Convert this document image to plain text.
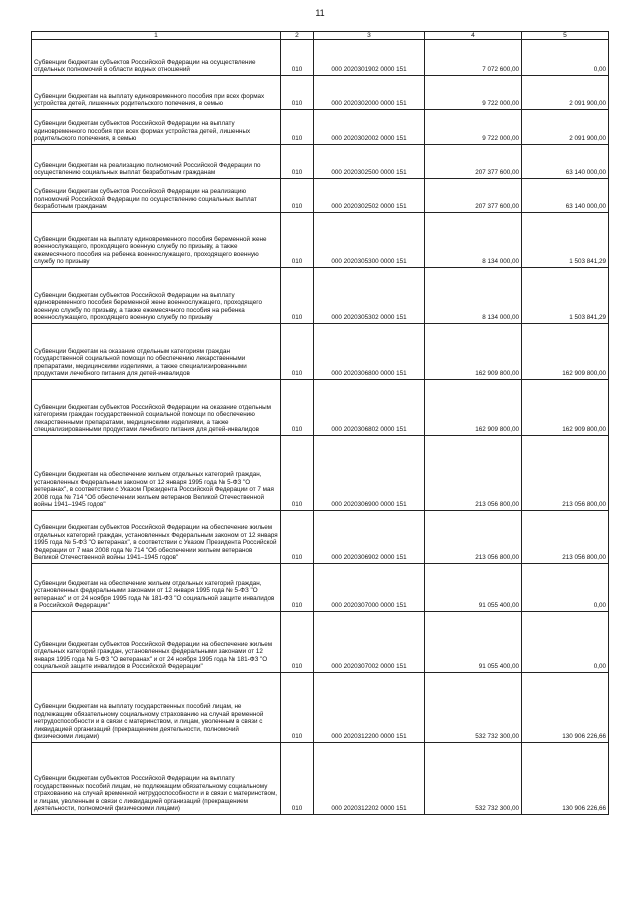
11
1	2	3	4	5
Субвенции бюджетам субъектов Российской Федерации на осуществление отдельных полномочий в области водных отношений	010	000 2020301902 0000 151	7 072 600,00	0,00
Субвенции бюджетам на выплату единовременного пособия при всех формах устройства детей, лишенных родительского попечения, в семью	010	000 2020302000 0000 151	9 722 000,00	2 091 900,00
Субвенции бюджетам субъектов Российской Федерации на выплату единовременного пособия при всех формах устройства детей, лишенных родительского попечения, в семью	010	000 2020302002 0000 151	9 722 000,00	2 091 900,00
Субвенции бюджетам на реализацию полномочий Российской Федерации по осуществлению социальных выплат безработным гражданам	010	000 2020302500 0000 151	207 377 600,00	63 140 000,00
Субвенции бюджетам субъектов Российской Федерации на реализацию полномочий Российской Федерации по осуществлению социальных выплат безработным гражданам	010	000 2020302502 0000 151	207 377 600,00	63 140 000,00
Субвенции бюджетам на выплату единовременного пособия беременной жене военнослужащего, проходящего военную службу по призыву, а также ежемесячного пособия на ребенка военнослужащего, проходящего военную службу по призыву	010	000 2020305300 0000 151	8 134 000,00	1 503 841,29
Субвенции бюджетам субъектов Российской Федерации на выплату единовременного пособия беременной жене военнослужащего, проходящего военную службу по призыву, а также ежемесячного пособия на ребенка военнослужащего, проходящего военную службу по призыву	010	000 2020305302 0000 151	8 134 000,00	1 503 841,29
Субвенции бюджетам на оказание отдельным категориям граждан государственной социальной помощи по обеспечению лекарственными препаратами, медицинскими изделиями, а также специализированными продуктами лечебного питания для детей-инвалидов	010	000 2020306800 0000 151	162 909 800,00	162 909 800,00
Субвенции бюджетам субъектов Российской Федерации на оказание отдельным категориям граждан государственной социальной помощи по обеспечению лекарственными препаратами, медицинскими изделиями, а также специализированными продуктами лечебного питания для детей-инвалидов	010	000 2020306802 0000 151	162 909 800,00	162 909 800,00
Субвенции бюджетам на обеспечение жильем отдельных категорий граждан, установленных Федеральным законом от 12 января 1995 года № 5-ФЗ "О ветеранах", в соответствии с Указом Президента Российской Федерации от 7 мая 2008 года № 714 "Об обеспечении жильем ветеранов Великой Отечественной войны 1941–1945 годов"	010	000 2020306900 0000 151	213 056 800,00	213 056 800,00
Субвенции бюджетам субъектов Российской Федерации на обеспечение жильем отдельных категорий граждан, установленных Федеральным законом от 12 января 1995 года № 5-ФЗ "О ветеранах", в соответствии с Указом Президента Российской Федерации от 7 мая 2008 года № 714 "Об обеспечении жильем ветеранов Великой Отечественной войны 1941–1945 годов"	010	000 2020306902 0000 151	213 056 800,00	213 056 800,00
Субвенции бюджетам на обеспечение жильем отдельных категорий граждан, установленных федеральными законами от 12 января 1995 года № 5-ФЗ "О ветеранах" и от 24 ноября 1995 года № 181-ФЗ "О социальной защите инвалидов в Российской Федерации"	010	000 2020307000 0000 151	91 055 400,00	0,00
Субвенции бюджетам субъектов Российской Федерации на обеспечение жильем отдельных категорий граждан, установленных федеральными законами от 12 января 1995 года № 5-ФЗ "О ветеранах" и от 24 ноября 1995 года № 181-ФЗ "О социальной защите инвалидов в Российской Федерации"	010	000 2020307002 0000 151	91 055 400,00	0,00
Субвенции бюджетам на выплату государственных пособий лицам, не подлежащим обязательному социальному страхованию на случай временной нетрудоспособности и в связи с материнством, и лицам, уволенным в связи с ликвидацией организаций (прекращением деятельности, полномочий физическими лицами)	010	000 2020312200 0000 151	532 732 300,00	130 906 226,66
Субвенции бюджетам субъектов Российской Федерации на выплату государственных пособий лицам, не подлежащим обязательному социальному страхованию на случай временной нетрудоспособности и в связи с материнством, и лицам, уволенным в связи с ликвидацией организаций (прекращением деятельности, полномочий физическими лицами)	010	000 2020312202 0000 151	532 732 300,00	130 906 226,66
